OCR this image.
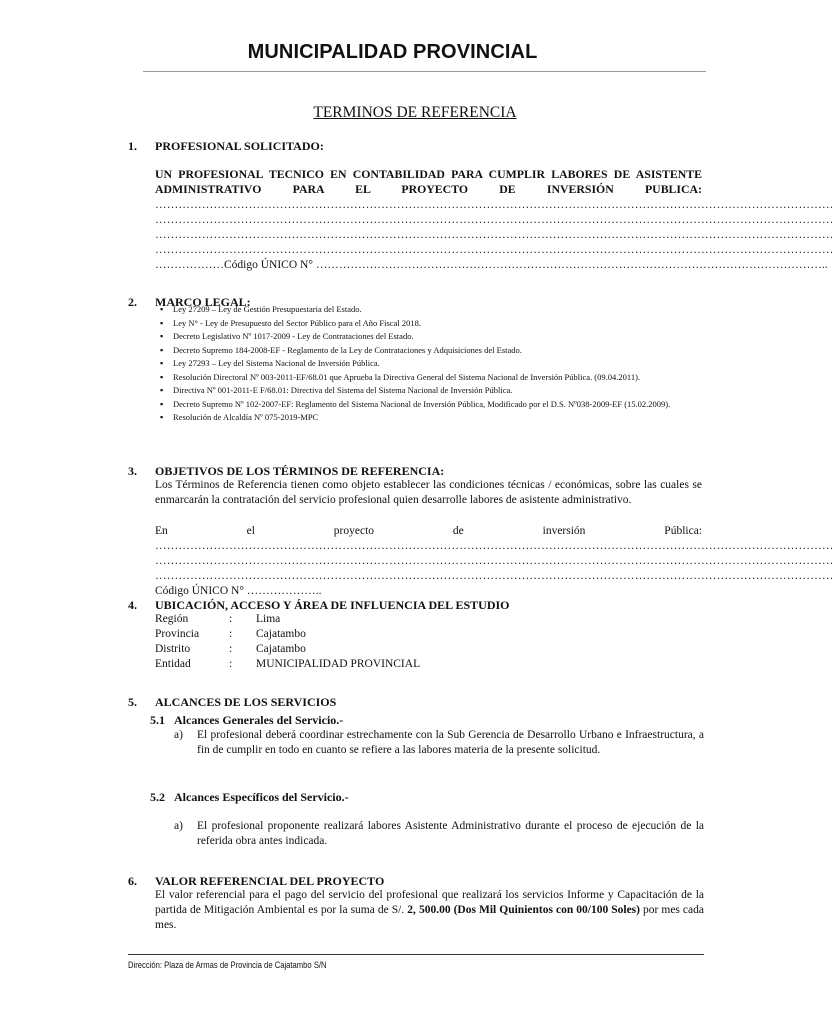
MUNICIPALIDAD PROVINCIAL
TERMINOS DE REFERENCIA
1. PROFESIONAL SOLICITADO:
UN PROFESIONAL TECNICO EN CONTABILIDAD PARA CUMPLIR LABORES DE ASISTENTE
ADMINISTRATIVO PARA EL PROYECTO DE INVERSIÓN PUBLICA:
…………………………………………………………………………………………………………………………………………………………
…………………………………………………………………………………………………………………………………………………………
…………………………………………………………………………………………………………………………………………………………
…………………………………………………………………………………………………………………………………………………………
………………Código ÚNICO N° ……………………………………………………………………………………………………………………..
2. MARCO LEGAL:
▪ Ley 27209 – Ley de Gestión Presupuestaria del Estado.
▪ Ley N° - Ley de Presupuesto del Sector Público para el Año Fiscal 2018.
▪ Decreto Legislativo Nº 1017-2009 - Ley de Contrataciones del Estado.
▪ Decreto Supremo 184-2008-EF - Reglamento de la Ley de Contrataciones y Adquisiciones del Estado.
▪ Ley 27293 – Ley del Sistema Nacional de Inversión Pública.
▪ Resolución Directoral Nº 003-2011-EF/68.01 que Aprueba la Directiva General del Sistema Nacional de Inversión Pública. (09.04.2011).
▪ Directiva Nº 001-2011-E F/68.01: Directiva del Sistema del Sistema Nacional de Inversión Pública.
▪ Decreto Supremo Nº 102-2007-EF: Reglamento del Sistema Nacional de Inversión Pública, Modificado por el D.S. Nº038-2009-EF (15.02.2009).
▪ Resolución de Alcaldía Nº 075-2019-MPC
3. OBJETIVOS DE LOS TÉRMINOS DE REFERENCIA:
Los Términos de Referencia tienen como objeto establecer las condiciones técnicas / económicas, sobre las cuales se enmarcarán la contratación del servicio profesional quien desarrolle labores de asistente administrativo.
En el proyecto de inversión Pública:
…………………………………………………………………………………………………………………………………………………………
…………………………………………………………………………………………………………………………………………………………
…………………………………………………………………………………………………………………………………………………………
Código ÚNICO N° ………………..
4. UBICACIÓN, ACCESO Y ÁREA DE INFLUENCIA DEL ESTUDIO
Región	: Lima
Provincia	: Cajatambo
Distrito	: Cajatambo
Entidad	: MUNICIPALIDAD PROVINCIAL
5. ALCANCES DE LOS SERVICIOS
5.1 Alcances Generales del Servicio.-
a) El profesional deberá coordinar estrechamente con la Sub Gerencia de Desarrollo Urbano e Infraestructura, a fin de cumplir en todo en cuanto se refiere a las labores materia de la presente solicitud.
5.2 Alcances Específicos del Servicio.-
a) El profesional proponente realizará labores Asistente Administrativo durante el proceso de ejecución de la referida obra antes indicada.
6. VALOR REFERENCIAL DEL PROYECTO
El valor referencial para el pago del servicio del profesional que realizará los servicios Informe y Capacitación de la partida de Mitigación Ambiental es por la suma de S/. 2, 500.00 (Dos Mil Quinientos con 00/100 Soles) por mes cada mes.
Dirección: Plaza de Armas de Provincia de Cajatambo S/N
